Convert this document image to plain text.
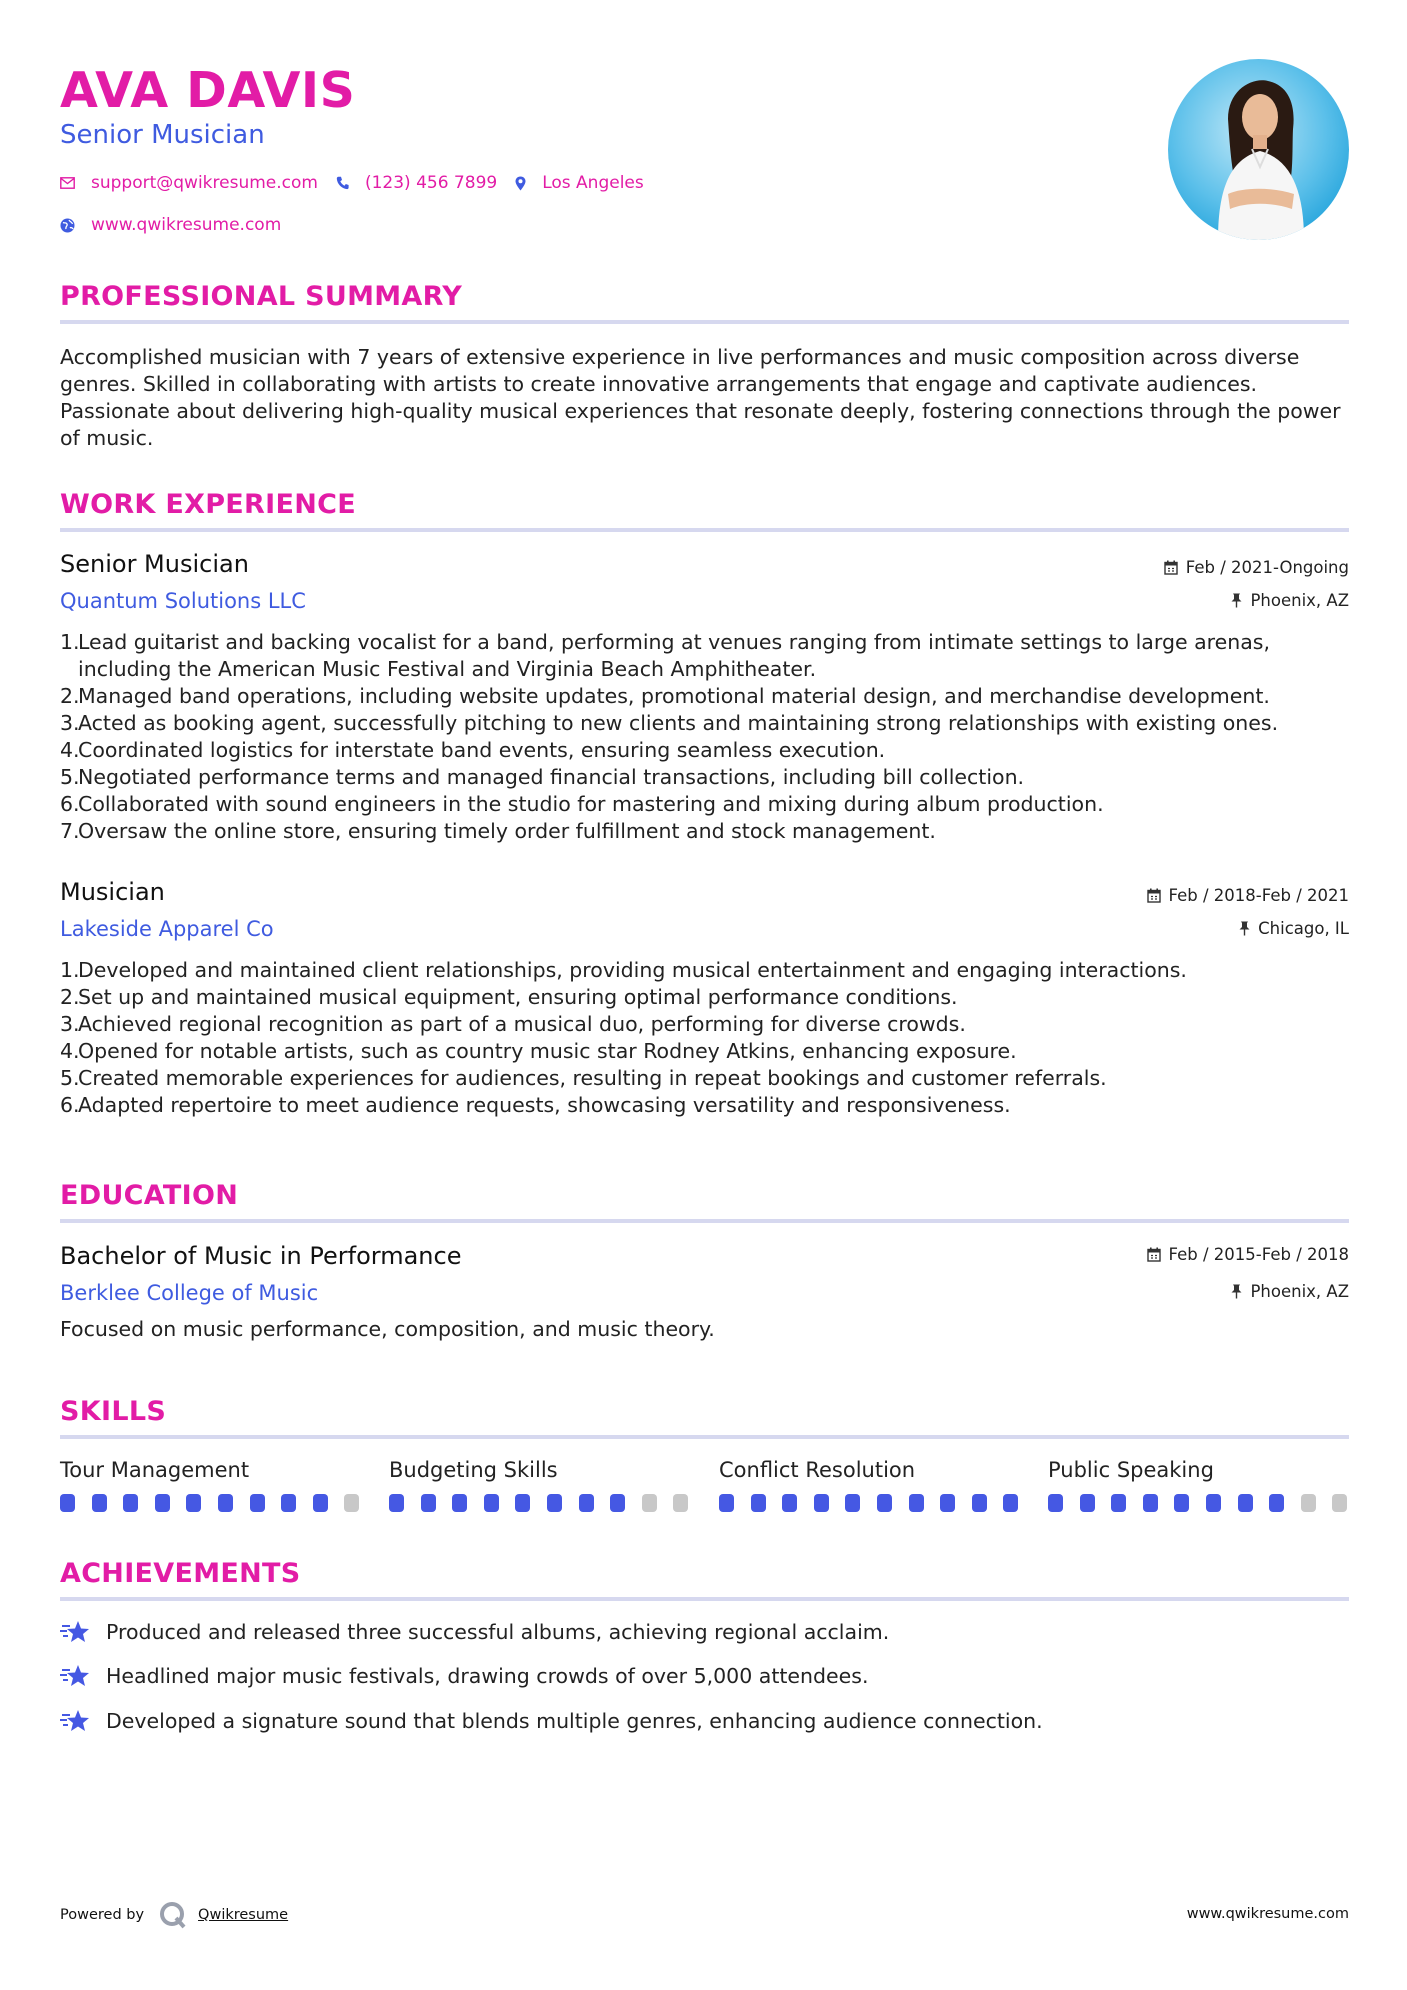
AVA DAVIS
Senior Musician
support@qwikresume.com	(123) 456 7899	Los Angeles
www.qwikresume.com
PROFESSIONAL SUMMARY
Accomplished musician with 7 years of extensive experience in live performances and music composition across diverse genres. Skilled in collaborating with artists to create innovative arrangements that engage and captivate audiences. Passionate about delivering high-quality musical experiences that resonate deeply, fostering connections through the power of music.
WORK EXPERIENCE
Senior Musician
Quantum Solutions LLC
Feb / 2021-Ongoing
Phoenix, AZ
1.
Lead guitarist and backing vocalist for a band, performing at venues ranging from intimate settings to large arenas, including the American Music Festival and Virginia Beach Amphitheater.
2.
Managed band operations, including website updates, promotional material design, and merchandise development.
3.
Acted as booking agent, successfully pitching to new clients and maintaining strong relationships with existing ones.
4.
Coordinated logistics for interstate band events, ensuring seamless execution.
5.
Negotiated performance terms and managed financial transactions, including bill collection.
6.
Collaborated with sound engineers in the studio for mastering and mixing during album production.
7.
Oversaw the online store, ensuring timely order fulfillment and stock management.
Musician
Lakeside Apparel Co
Feb / 2018-Feb / 2021
Chicago, IL
1.
Developed and maintained client relationships, providing musical entertainment and engaging interactions.
2.
Set up and maintained musical equipment, ensuring optimal performance conditions.
3.
Achieved regional recognition as part of a musical duo, performing for diverse crowds.
4.
Opened for notable artists, such as country music star Rodney Atkins, enhancing exposure.
5.
Created memorable experiences for audiences, resulting in repeat bookings and customer referrals.
6.
Adapted repertoire to meet audience requests, showcasing versatility and responsiveness.
EDUCATION
Bachelor of Music in Performance
Berklee College of Music
Feb / 2015-Feb / 2018
Phoenix, AZ
Focused on music performance, composition, and music theory.
SKILLS
Tour Management	Budgeting Skills	Conflict Resolution	Public Speaking
ACHIEVEMENTS
Produced and released three successful albums, achieving regional acclaim.
Headlined major music festivals, drawing crowds of over 5,000 attendees.
Developed a signature sound that blends multiple genres, enhancing audience connection.
Powered by	Qwikresume	www.qwikresume.com
